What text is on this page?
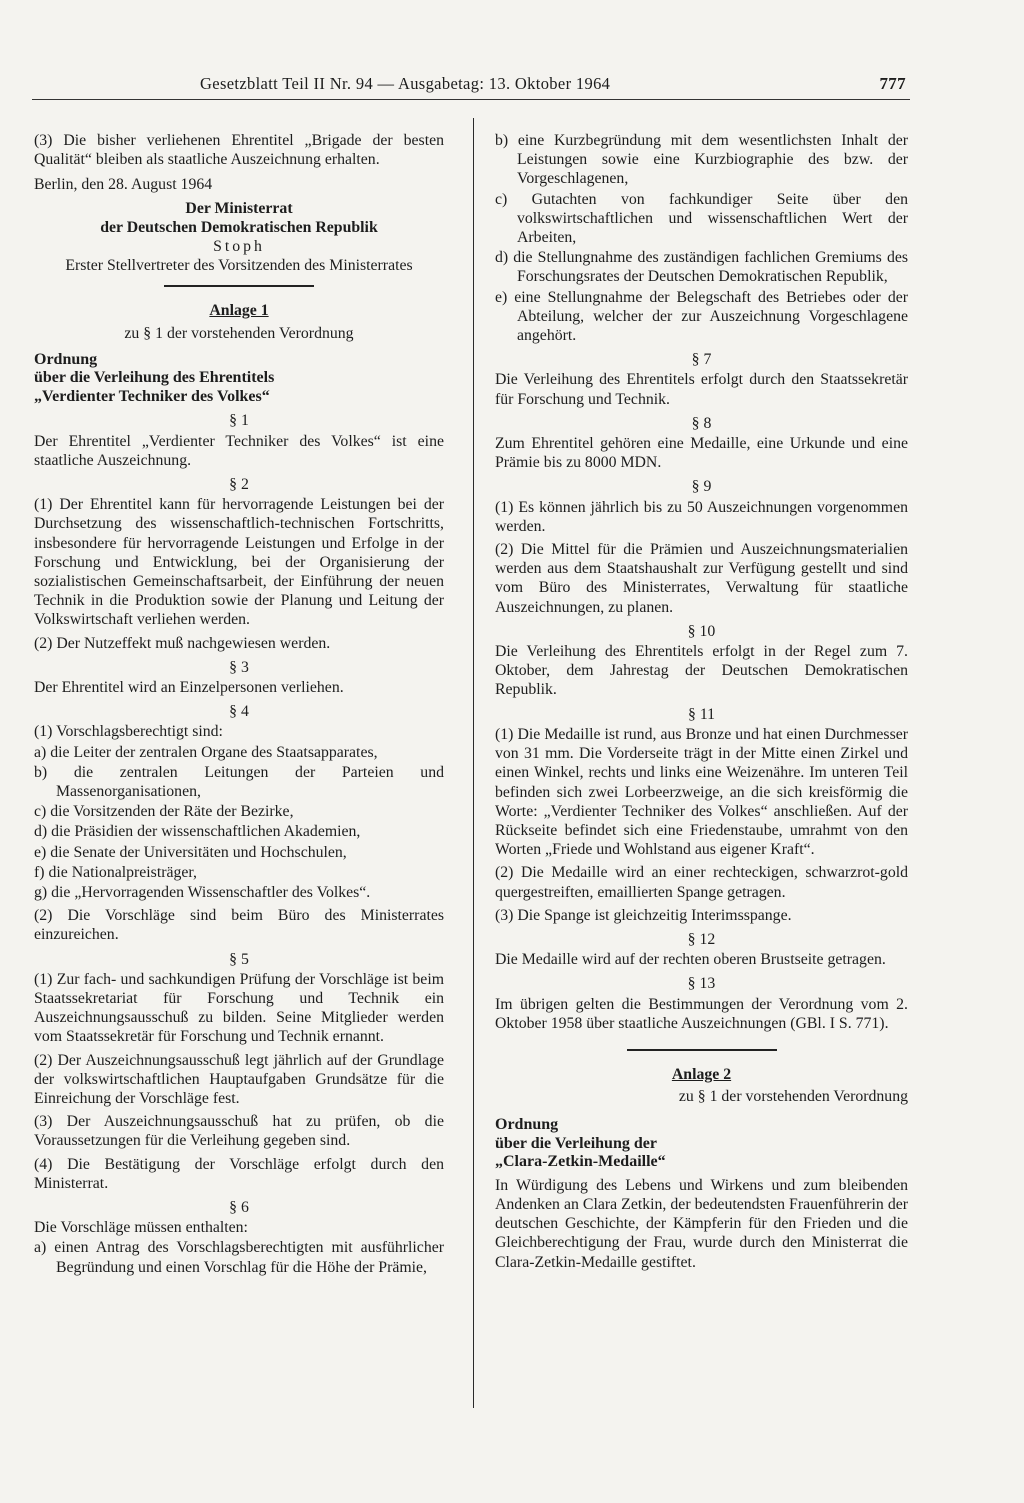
Gesetzblatt Teil II Nr. 94 — Ausgabetag: 13. Oktober 1964	777

(3) Die bisher verliehenen Ehrentitel „Brigade der besten Qualität“ bleiben als staatliche Auszeichnung erhalten.

Berlin, den 28. August 1964

Der Ministerrat

der Deutschen Demokratischen Republik

Stoph

Erster Stellvertreter des Vorsitzenden des Ministerrates

Anlage 1

zu § 1 der vorstehenden Verordnung

Ordnung
über die Verleihung des Ehrentitels
„Verdienter Techniker des Volkes“

§ 1

Der Ehrentitel „Verdienter Techniker des Volkes“ ist eine staatliche Auszeichnung.

§ 2

(1) Der Ehrentitel kann für hervorragende Leistungen bei der Durchsetzung des wissenschaftlich-technischen Fortschritts, insbesondere für hervorragende Leistungen und Erfolge in der Forschung und Entwicklung, bei der Organisierung der sozialistischen Gemeinschaftsarbeit, der Einführung der neuen Technik in die Produktion sowie der Planung und Leitung der Volkswirtschaft verliehen werden.

(2) Der Nutzeffekt muß nachgewiesen werden.

§ 3

Der Ehrentitel wird an Einzelpersonen verliehen.

§ 4

(1) Vorschlagsberechtigt sind:

a) die Leiter der zentralen Organe des Staatsapparates,

b) die zentralen Leitungen der Parteien und Massenorganisationen,

c) die Vorsitzenden der Räte der Bezirke,

d) die Präsidien der wissenschaftlichen Akademien,

e) die Senate der Universitäten und Hochschulen,

f) die Nationalpreisträger,

g) die „Hervorragenden Wissenschaftler des Volkes“.

(2) Die Vorschläge sind beim Büro des Ministerrates einzureichen.

§ 5

(1) Zur fach- und sachkundigen Prüfung der Vorschläge ist beim Staatssekretariat für Forschung und Technik ein Auszeichnungsausschuß zu bilden. Seine Mitglieder werden vom Staatssekretär für Forschung und Technik ernannt.

(2) Der Auszeichnungsausschuß legt jährlich auf der Grundlage der volkswirtschaftlichen Hauptaufgaben Grundsätze für die Einreichung der Vorschläge fest.

(3) Der Auszeichnungsausschuß hat zu prüfen, ob die Voraussetzungen für die Verleihung gegeben sind.

(4) Die Bestätigung der Vorschläge erfolgt durch den Ministerrat.

§ 6

Die Vorschläge müssen enthalten:

a) einen Antrag des Vorschlagsberechtigten mit ausführlicher Begründung und einen Vorschlag für die Höhe der Prämie,

b) eine Kurzbegründung mit dem wesentlichsten Inhalt der Leistungen sowie eine Kurzbiographie des bzw. der Vorgeschlagenen,

c) Gutachten von fachkundiger Seite über den volkswirtschaftlichen und wissenschaftlichen Wert der Arbeiten,

d) die Stellungnahme des zuständigen fachlichen Gremiums des Forschungsrates der Deutschen Demokratischen Republik,

e) eine Stellungnahme der Belegschaft des Betriebes oder der Abteilung, welcher der zur Auszeichnung Vorgeschlagene angehört.

§ 7

Die Verleihung des Ehrentitels erfolgt durch den Staatssekretär für Forschung und Technik.

§ 8

Zum Ehrentitel gehören eine Medaille, eine Urkunde und eine Prämie bis zu 8000 MDN.

§ 9

(1) Es können jährlich bis zu 50 Auszeichnungen vorgenommen werden.

(2) Die Mittel für die Prämien und Auszeichnungsmaterialien werden aus dem Staatshaushalt zur Verfügung gestellt und sind vom Büro des Ministerrates, Verwaltung für staatliche Auszeichnungen, zu planen.

§ 10

Die Verleihung des Ehrentitels erfolgt in der Regel zum 7. Oktober, dem Jahrestag der Deutschen Demokratischen Republik.

§ 11

(1) Die Medaille ist rund, aus Bronze und hat einen Durchmesser von 31 mm. Die Vorderseite trägt in der Mitte einen Zirkel und einen Winkel, rechts und links eine Weizenähre. Im unteren Teil befinden sich zwei Lorbeerzweige, an die sich kreisförmig die Worte: „Verdienter Techniker des Volkes“ anschließen. Auf der Rückseite befindet sich eine Friedenstaube, umrahmt von den Worten „Friede und Wohlstand aus eigener Kraft“.

(2) Die Medaille wird an einer rechteckigen, schwarzrot-gold quergestreiften, emaillierten Spange getragen.

(3) Die Spange ist gleichzeitig Interimsspange.

§ 12

Die Medaille wird auf der rechten oberen Brustseite getragen.

§ 13

Im übrigen gelten die Bestimmungen der Verordnung vom 2. Oktober 1958 über staatliche Auszeichnungen (GBl. I S. 771).

Anlage 2

zu § 1 der vorstehenden Verordnung

Ordnung
über die Verleihung der
„Clara-Zetkin-Medaille“

In Würdigung des Lebens und Wirkens und zum bleibenden Andenken an Clara Zetkin, der bedeutendsten Frauenführerin der deutschen Geschichte, der Kämpferin für den Frieden und die Gleichberechtigung der Frau, wurde durch den Ministerrat die Clara-Zetkin-Medaille gestiftet.
